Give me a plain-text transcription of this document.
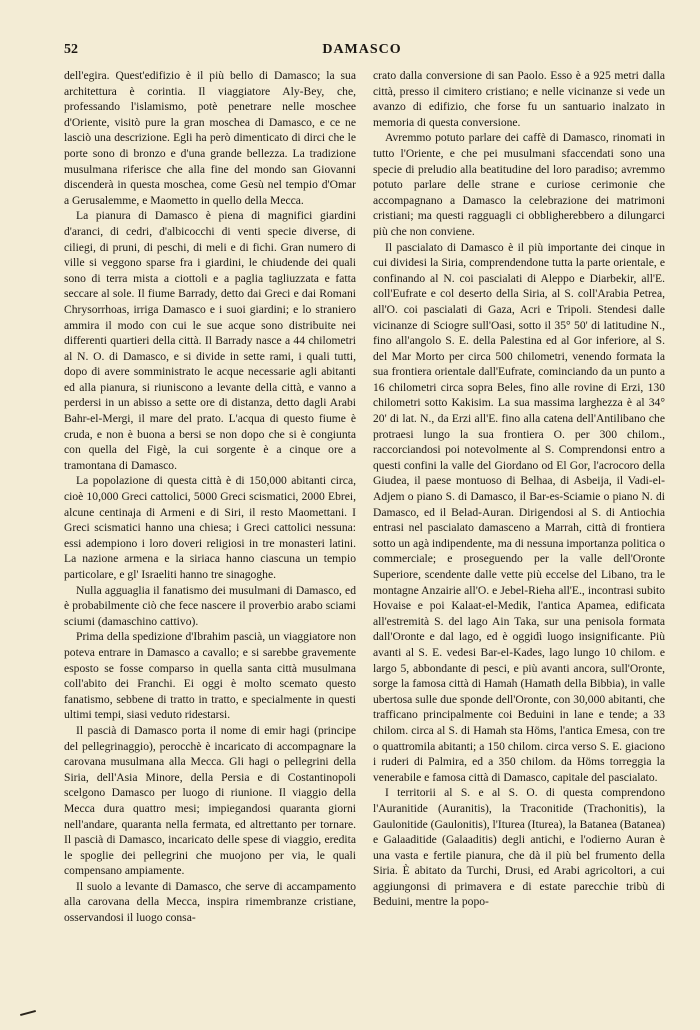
52	DAMASCO

dell'egira. Quest'edifizio è il più bello di Damasco; la sua architettura è corintia. Il viaggiatore Aly-Bey, che, professando l'islamismo, potè penetrare nelle moschee d'Oriente, visitò pure la gran moschea di Damasco, e ce ne lasciò una descrizione. Egli ha però dimenticato di dirci che le porte sono di bronzo e d'una grande bellezza. La tradizione musulmana riferisce che alla fine del mondo san Giovanni discenderà in questa moschea, come Gesù nel tempio d'Omar a Gerusalemme, e Maometto in quello della Mecca.

La pianura di Damasco è piena di magnifici giardini d'aranci, di cedri, d'albicocchi di venti specie diverse, di ciliegi, di pruni, di peschi, di meli e di fichi. Gran numero di ville si veggono sparse fra i giardini, le chiudende dei quali sono di terra mista a ciottoli e a paglia tagliuzzata e fatta seccare al sole. Il fiume Barrady, detto dai Greci e dai Romani Chrysorrhoas, irriga Damasco e i suoi giardini; e lo straniero ammira il modo con cui le sue acque sono distribuite nei differenti quartieri della città. Il Barrady nasce a 44 chilometri al N. O. di Damasco, e si divide in sette rami, i quali tutti, dopo di avere somministrato le acque necessarie agli abitanti ed alla pianura, si riuniscono a levante della città, e vanno a perdersi in un abisso a sette ore di distanza, detto dagli Arabi Bahr-el-Mergi, il mare del prato. L'acqua di questo fiume è cruda, e non è buona a bersi se non dopo che si è congiunta con quella del Figè, la cui sorgente è a cinque ore a tramontana di Damasco.

La popolazione di questa città è di 150,000 abitanti circa, cioè 10,000 Greci cattolici, 5000 Greci scismatici, 2000 Ebrei, alcune centinaja di Armeni e di Siri, il resto Maomettani. I Greci scismatici hanno una chiesa; i Greci cattolici nessuna: essi adempiono i loro doveri religiosi in tre monasteri latini. La nazione armena e la siriaca hanno ciascuna un tempio particolare, e gl' Israeliti hanno tre sinagoghe.

Nulla agguaglia il fanatismo dei musulmani di Damasco, ed è probabilmente ciò che fece nascere il proverbio arabo sciami sciumi (damaschino cattivo).

Prima della spedizione d'Ibrahim pascià, un viaggiatore non poteva entrare in Damasco a cavallo; e si sarebbe gravemente esposto se fosse comparso in quella santa città musulmana coll'abito dei Franchi. Ei oggi è molto scemato questo fanatismo, sebbene di tratto in tratto, e specialmente in questi ultimi tempi, siasi veduto ridestarsi.

Il pascià di Damasco porta il nome di emir hagi (principe del pellegrinaggio), perocchè è incaricato di accompagnare la carovana musulmana alla Mecca. Gli hagi o pellegrini della Siria, dell'Asia Minore, della Persia e di Costantinopoli scelgono Damasco per luogo di riunione. Il viaggio della Mecca dura quattro mesi; impiegandosi quaranta giorni nell'andare, quaranta nella fermata, ed altrettanto per tornare. Il pascià di Damasco, incaricato delle spese di viaggio, eredita le spoglie dei pellegrini che muojono per via, le quali compensano ampiamente.

Il suolo a levante di Damasco, che serve di accampamento alla carovana della Mecca, inspira rimembranze cristiane, osservandosi il luogo consa-

crato dalla conversione di san Paolo. Esso è a 925 metri dalla città, presso il cimitero cristiano; e nelle vicinanze si vede un avanzo di edifizio, che forse fu un santuario inalzato in memoria di questa conversione.

Avremmo potuto parlare dei caffè di Damasco, rinomati in tutto l'Oriente, e che pei musulmani sfaccendati sono una specie di preludio alla beatitudine del loro paradiso; avremmo potuto parlare delle strane e curiose cerimonie che accompagnano a Damasco la celebrazione dei matrimoni cristiani; ma questi ragguagli ci obbligherebbero a dilungarci più che non conviene.

Il pascialato di Damasco è il più importante dei cinque in cui dividesi la Siria, comprendendone tutta la parte orientale, e confinando al N. coi pascialati di Aleppo e Diarbekir, all'E. coll'Eufrate e col deserto della Siria, al S. coll'Arabia Petrea, all'O. coi pascialati di Gaza, Acri e Tripoli. Stendesi dalle vicinanze di Sciogre sull'Oasi, sotto il 35° 50' di latitudine N., fino all'angolo S. E. della Palestina ed al Gor inferiore, al S. del Mar Morto per circa 500 chilometri, venendo formata la sua frontiera orientale dall'Eufrate, cominciando da un punto a 16 chilometri circa sopra Beles, fino alle rovine di Erzi, 130 chilometri sotto Kakisim. La sua massima larghezza è al 34° 20' di lat. N., da Erzi all'E. fino alla catena dell'Antilibano che protraesi lungo la sua frontiera O. per 300 chilom., raccorciandosi poi notevolmente al S. Comprendonsi entro a questi confini la valle del Giordano od El Gor, l'acrocoro della Giudea, il paese montuoso di Belhaa, di Asbeija, il Vadi-el-Adjem o piano S. di Damasco, il Bar-es-Sciamie o piano N. di Damasco, ed il Belad-Auran. Dirigendosi al S. di Antiochia entrasi nel pascialato damasceno a Marrah, città di frontiera sotto un agà indipendente, ma di nessuna importanza politica o commerciale; e proseguendo per la valle dell'Oronte Superiore, scendente dalle vette più eccelse del Libano, tra le montagne Anzairie all'O. e Jebel-Rieha all'E., incontrasi subito Hovaise e poi Kalaat-el-Medik, l'antica Apamea, edificata all'estremità S. del lago Ain Taka, sur una penisola formata dall'Oronte e dal lago, ed è oggidì luogo insignificante. Più avanti al S. E. vedesi Bar-el-Kades, lago lungo 10 chilom. e largo 5, abbondante di pesci, e più avanti ancora, sull'Oronte, sorge la famosa città di Hamah (Hamath della Bibbia), in valle ubertosa sulle due sponde dell'Oronte, con 30,000 abitanti, che trafficano principalmente coi Beduini in lane e tende; a 33 chilom. circa al S. di Hamah sta Höms, l'antica Emesa, con tre o quattromila abitanti; a 150 chilom. circa verso S. E. giaciono i ruderi di Palmira, ed a 350 chilom. da Höms torreggia la venerabile e famosa città di Damasco, capitale del pascialato.

I territorii al S. e al S. O. di questa comprendono l'Auranitide (Auranitis), la Traconitide (Trachonitis), la Gaulonitide (Gaulonitis), l'Iturea (Iturea), la Batanea (Batanea) e Galaaditide (Galaaditis) degli antichi, e l'odierno Auran è una vasta e fertile pianura, che dà il più bel frumento della Siria. È abitato da Turchi, Drusi, ed Arabi agricoltori, a cui aggiungonsi di primavera e di estate parecchie tribù di Beduini, mentre la popo-
